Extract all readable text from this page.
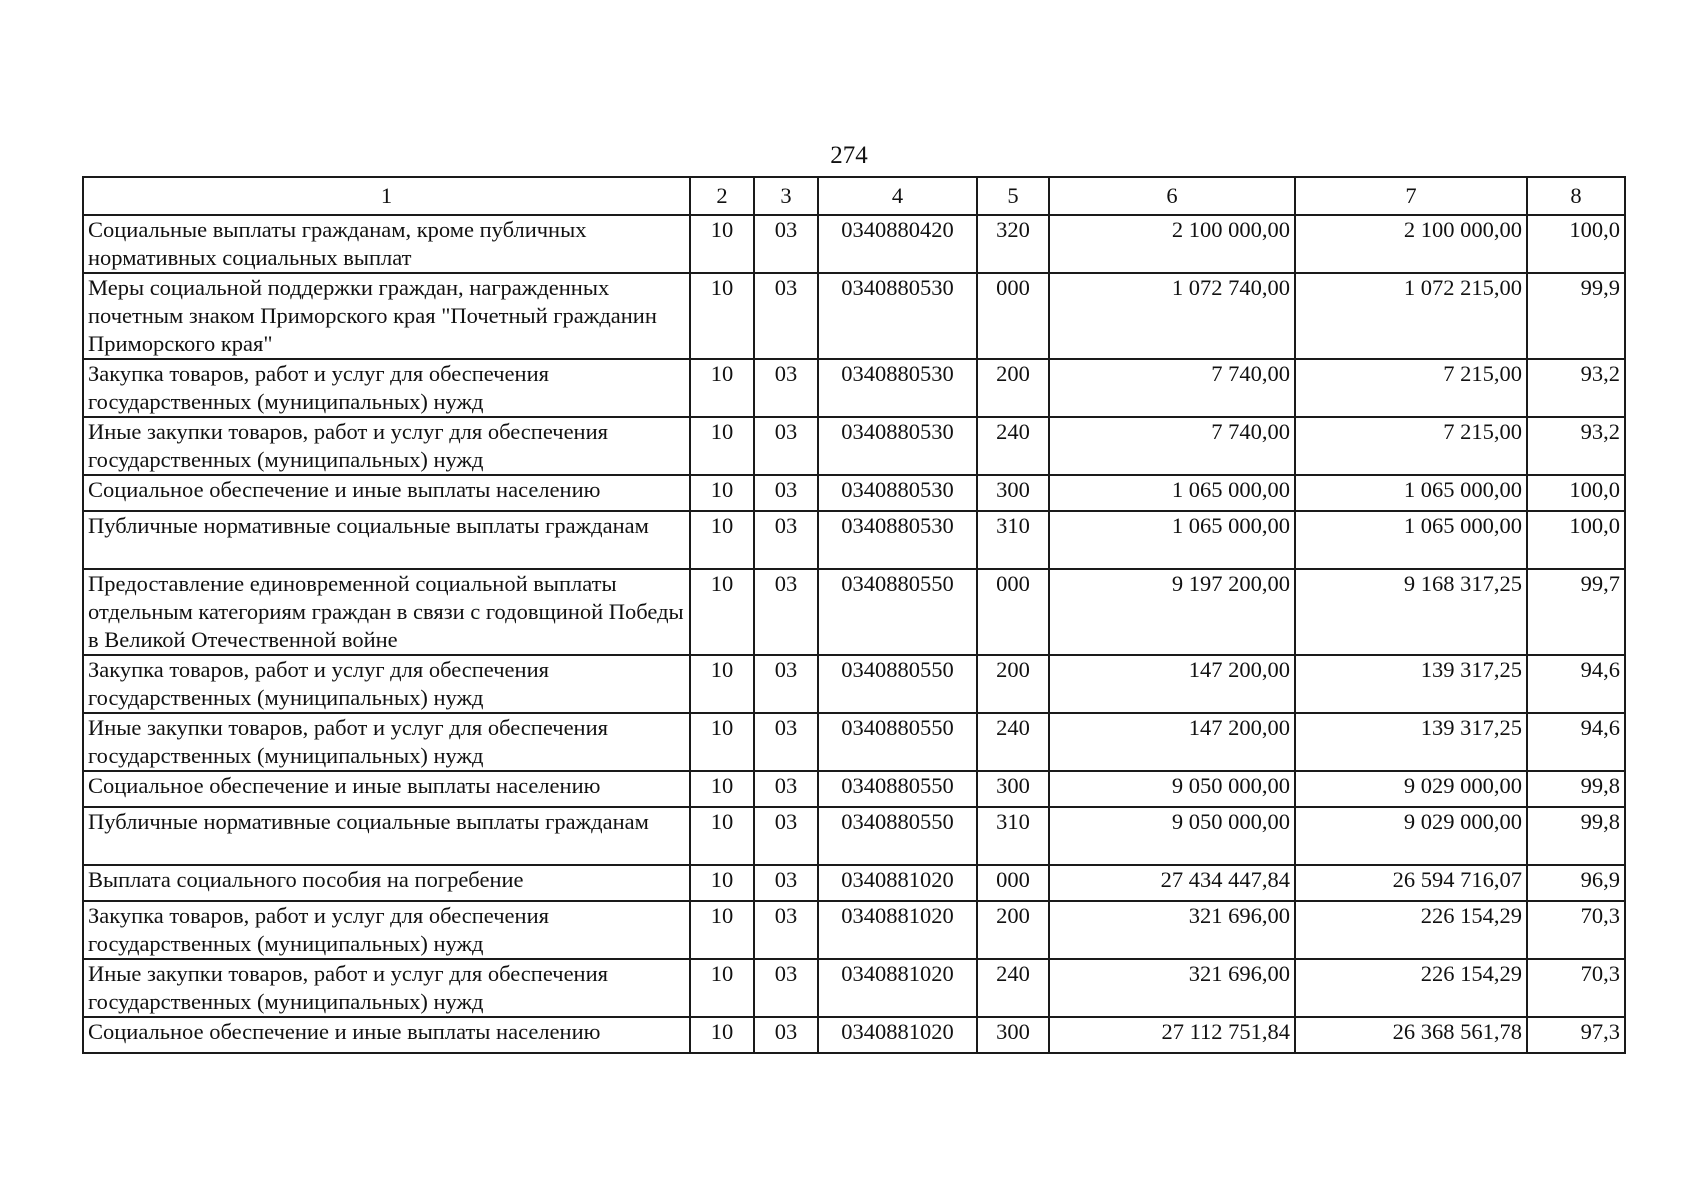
274
1	2	3	4	5	6	7	8
Социальные выплаты гражданам, кроме публичных нормативных социальных выплат	10	03	0340880420	320	2 100 000,00	2 100 000,00	100,0
Меры социальной поддержки граждан, награжденных почетным знаком Приморского края "Почетный гражданин Приморского края"	10	03	0340880530	000	1 072 740,00	1 072 215,00	99,9
Закупка товаров, работ и услуг для обеспечения государственных (муниципальных) нужд	10	03	0340880530	200	7 740,00	7 215,00	93,2
Иные закупки товаров, работ и услуг для обеспечения государственных (муниципальных) нужд	10	03	0340880530	240	7 740,00	7 215,00	93,2
Социальное обеспечение и иные выплаты населению	10	03	0340880530	300	1 065 000,00	1 065 000,00	100,0
Публичные нормативные социальные выплаты гражданам	10	03	0340880530	310	1 065 000,00	1 065 000,00	100,0
Предоставление единовременной социальной выплаты отдельным категориям граждан в связи с годовщиной Победы в Великой Отечественной войне	10	03	0340880550	000	9 197 200,00	9 168 317,25	99,7
Закупка товаров, работ и услуг для обеспечения государственных (муниципальных) нужд	10	03	0340880550	200	147 200,00	139 317,25	94,6
Иные закупки товаров, работ и услуг для обеспечения государственных (муниципальных) нужд	10	03	0340880550	240	147 200,00	139 317,25	94,6
Социальное обеспечение и иные выплаты населению	10	03	0340880550	300	9 050 000,00	9 029 000,00	99,8
Публичные нормативные социальные выплаты гражданам	10	03	0340880550	310	9 050 000,00	9 029 000,00	99,8
Выплата социального пособия на погребение	10	03	0340881020	000	27 434 447,84	26 594 716,07	96,9
Закупка товаров, работ и услуг для обеспечения государственных (муниципальных) нужд	10	03	0340881020	200	321 696,00	226 154,29	70,3
Иные закупки товаров, работ и услуг для обеспечения государственных (муниципальных) нужд	10	03	0340881020	240	321 696,00	226 154,29	70,3
Социальное обеспечение и иные выплаты населению	10	03	0340881020	300	27 112 751,84	26 368 561,78	97,3
